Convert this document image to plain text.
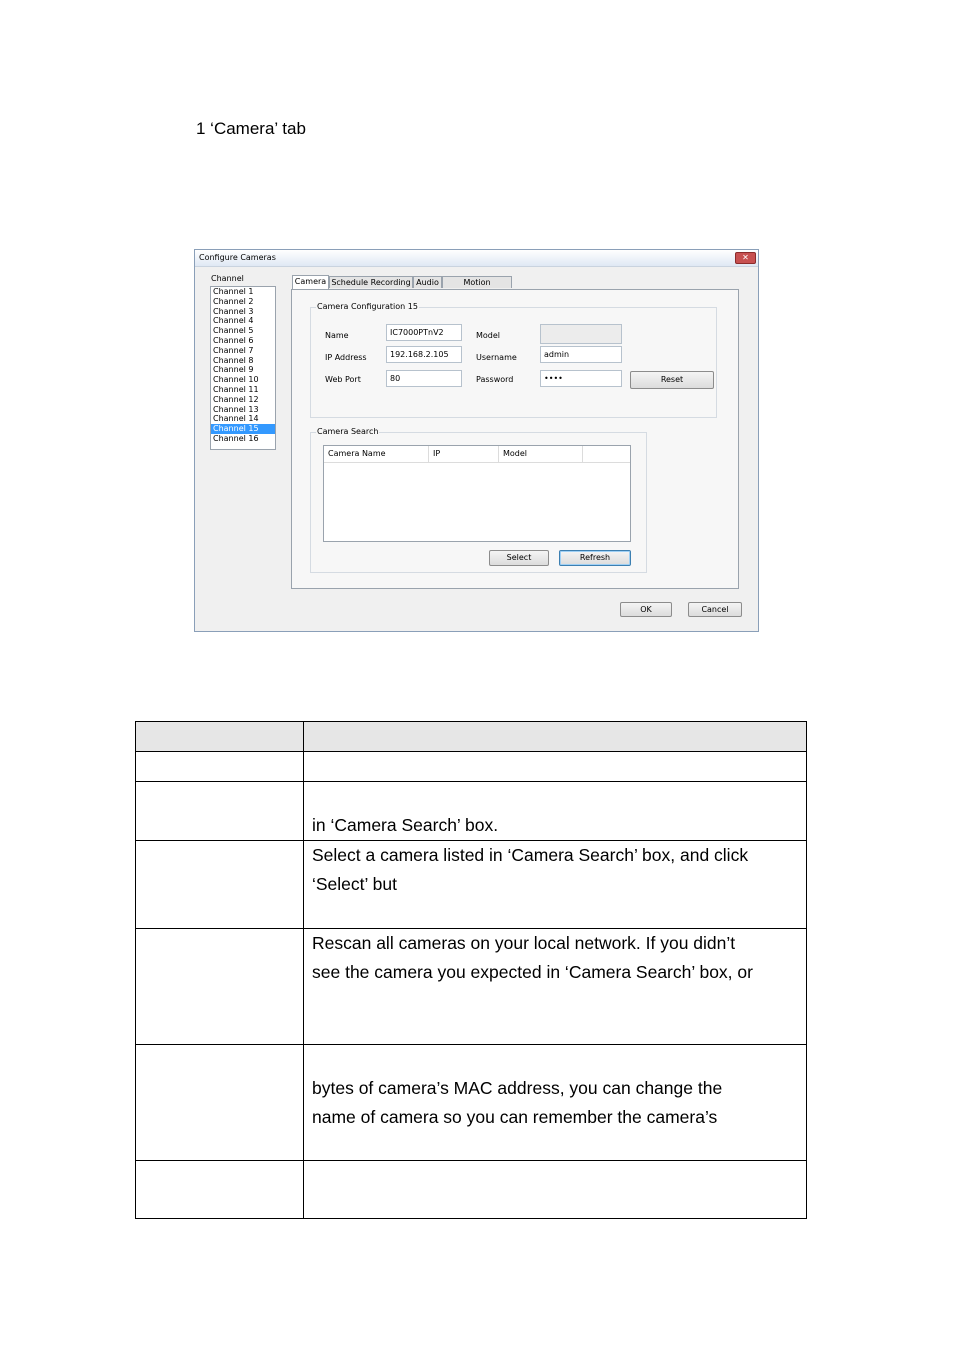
1 ‘Camera’ tab
Configure Cameras	✕
Channel
Channel 1
Channel 2
Channel 3
Channel 4
Channel 5
Channel 6
Channel 7
Channel 8
Channel 9
Channel 10
Channel 11
Channel 12
Channel 13
Channel 14
Channel 15
Channel 16
Camera Schedule Recording Audio	Motion
Camera Configuration 15
Name	IC7000PTnV2
IP Address	192.168.2.105
Web Port	80
Model
Username	admin
Password	••••	Reset
Camera Search
Camera Name	IP	Model
Select	Refresh
OK	Cancel

	in ‘Camera Search’ box.

	Select a camera listed in ‘Camera Search’ box, and click
‘Select’ but

	Rescan all cameras on your local network. If you didn’t
see the camera you expected in ‘Camera Search’ box, or

	bytes of camera’s MAC address, you can change the
name of camera so you can remember the camera’s
